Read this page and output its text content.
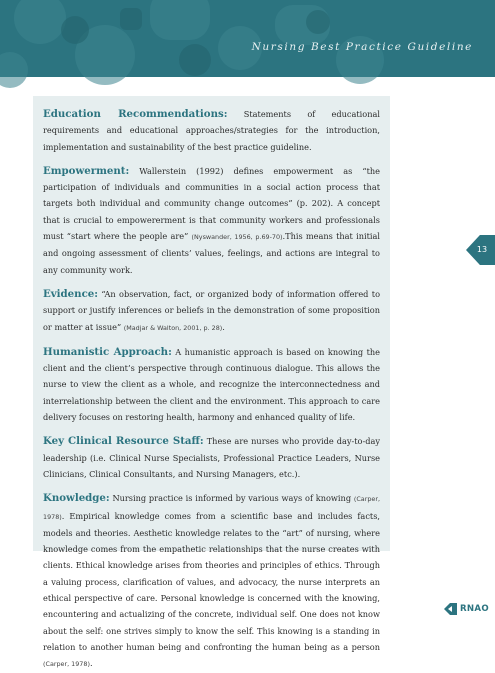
Nursing Best Practice Guideline

Education Recommendations: Statements of educational requirements and educational approaches/strategies for the introduction, implementation and sustainability of the best practice guideline.

Empowerment: Wallerstein (1992) defines empowerment as “the participation of individuals and communities in a social action process that targets both individual and community change outcomes” (p. 202). A concept that is crucial to empowererment is that community workers and professionals must “start where the people are” (Nyswander, 1956, p.69-70).This means that initial and ongoing assessment of clients’ values, feelings, and actions are integral to any community work.

Evidence: “An observation, fact, or organized body of information offered to support or justify inferences or beliefs in the demonstration of some proposition or matter at issue” (Madjar & Walton, 2001, p. 28).

Humanistic Approach: A humanistic approach is based on knowing the client and the client’s perspective through continuous dialogue. This allows the nurse to view the client as a whole, and recognize the interconnectedness and interrelationship between the client and the environment. This approach to care delivery focuses on restoring health, harmony and enhanced quality of life.

Key Clinical Resource Staff: These are nurses who provide day-to-day leadership (i.e. Clinical Nurse Specialists, Professional Practice Leaders, Nurse Clinicians, Clinical Consultants, and Nursing Managers, etc.).

Knowledge: Nursing practice is informed by various ways of knowing (Carper, 1978). Empirical knowledge comes from a scientific base and includes facts, models and theories. Aesthetic knowledge relates to the “art” of nursing, where knowledge comes from the empathetic relationships that the nurse creates with clients. Ethical knowledge arises from theories and principles of ethics. Through a valuing process, clarification of values, and advocacy, the nurse interprets an ethical perspective of care. Personal knowledge is concerned with the knowing, encountering and actualizing of the concrete, individual self. One does not know about the self: one strives simply to know the self. This knowing is a standing in relation to another human being and confronting the human being as a person (Carper, 1978).

13
RNAO
